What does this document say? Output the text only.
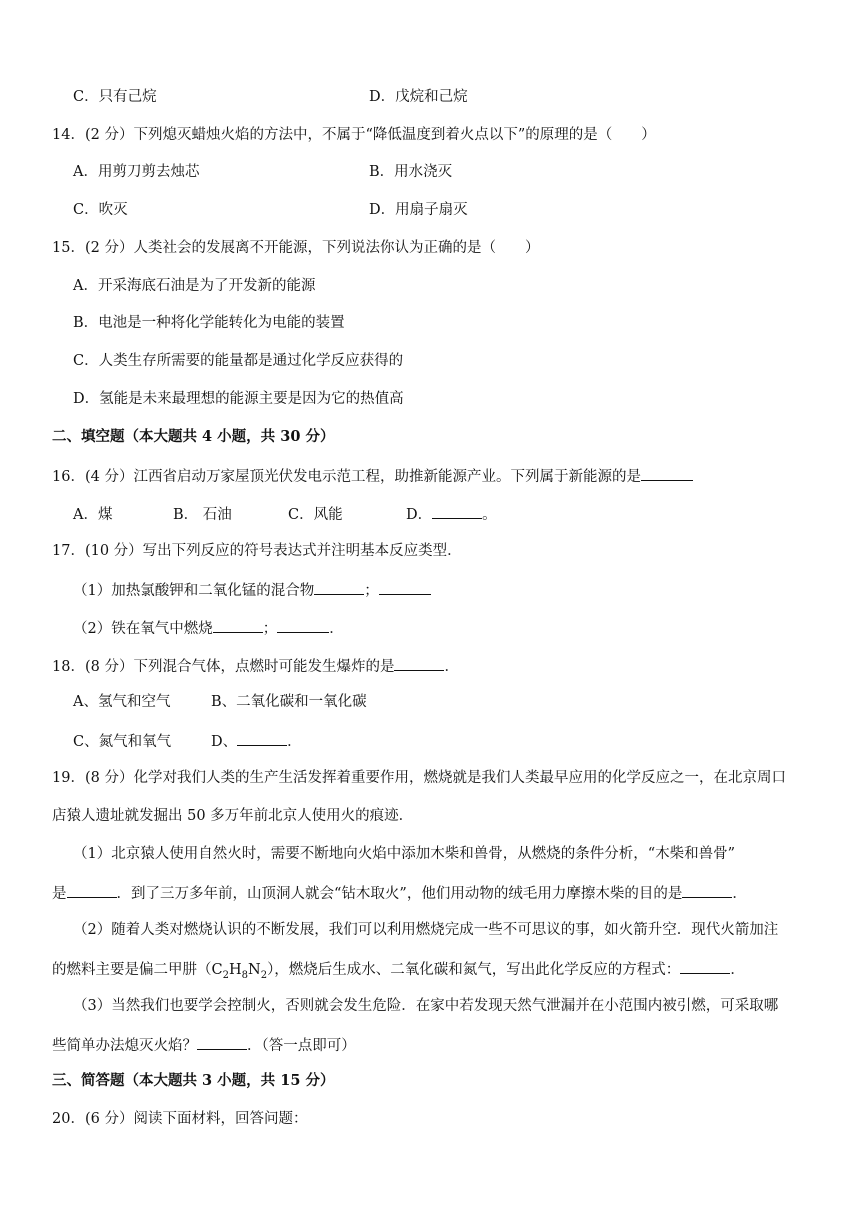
C．只有己烷	D．戊烷和己烷
14．(2 分）下列熄灭蜡烛火焰的方法中，不属于“降低温度到着火点以下”的原理的是（　　）
A．用剪刀剪去烛芯	B．用水浇灭
C．吹灭	D．用扇子扇灭
15．(2 分）人类社会的发展离不开能源，下列说法你认为正确的是（　　）
A．开采海底石油是为了开发新的能源
B．电池是一种将化学能转化为电能的装置
C．人类生存所需要的能量都是通过化学反应获得的
D．氢能是未来最理想的能源主要是因为它的热值高
二、填空题（本大题共 4 小题，共 30 分）
16．(4 分）江西省启动万家屋顶光伏发电示范工程，助推新能源产业。下列属于新能源的是
A．煤	B． 石油	C．风能	D．	。
17．(10 分）写出下列反应的符号表达式并注明基本反应类型．
（1）加热氯酸钾和二氧化锰的混合物	；
（2）铁在氧气中燃烧	；	．
18．(8 分）下列混合气体，点燃时可能发生爆炸的是	．
A、氢气和空气	B、二氧化碳和一氧化碳
C、氮气和氧气	D、	．
19．(8 分）化学对我们人类的生产生活发挥着重要作用，燃烧就是我们人类最早应用的化学反应之一，在北京周口
店猿人遗址就发掘出 50 多万年前北京人使用火的痕迹．
（1）北京猿人使用自然火时，需要不断地向火焰中添加木柴和兽骨，从燃烧的条件分析，“木柴和兽骨”
是	．到了三万多年前，山顶洞人就会“钻木取火”，他们用动物的绒毛用力摩擦木柴的目的是	．
（2）随着人类对燃烧认识的不断发展，我们可以利用燃烧完成一些不可思议的事，如火箭升空．现代火箭加注
的燃料主要是偏二甲肼$(C_2H_8N_2)$，燃烧后生成水、二氧化碳和氮气，写出此化学反应的方程式：	．
（3）当然我们也要学会控制火，否则就会发生危险．在家中若发现天然气泄漏并在小范围内被引燃，可采取哪
些简单办法熄灭火焰？	．（答一点即可）
三、简答题（本大题共 3 小题，共 15 分）
20．(6 分）阅读下面材料，回答问题：
